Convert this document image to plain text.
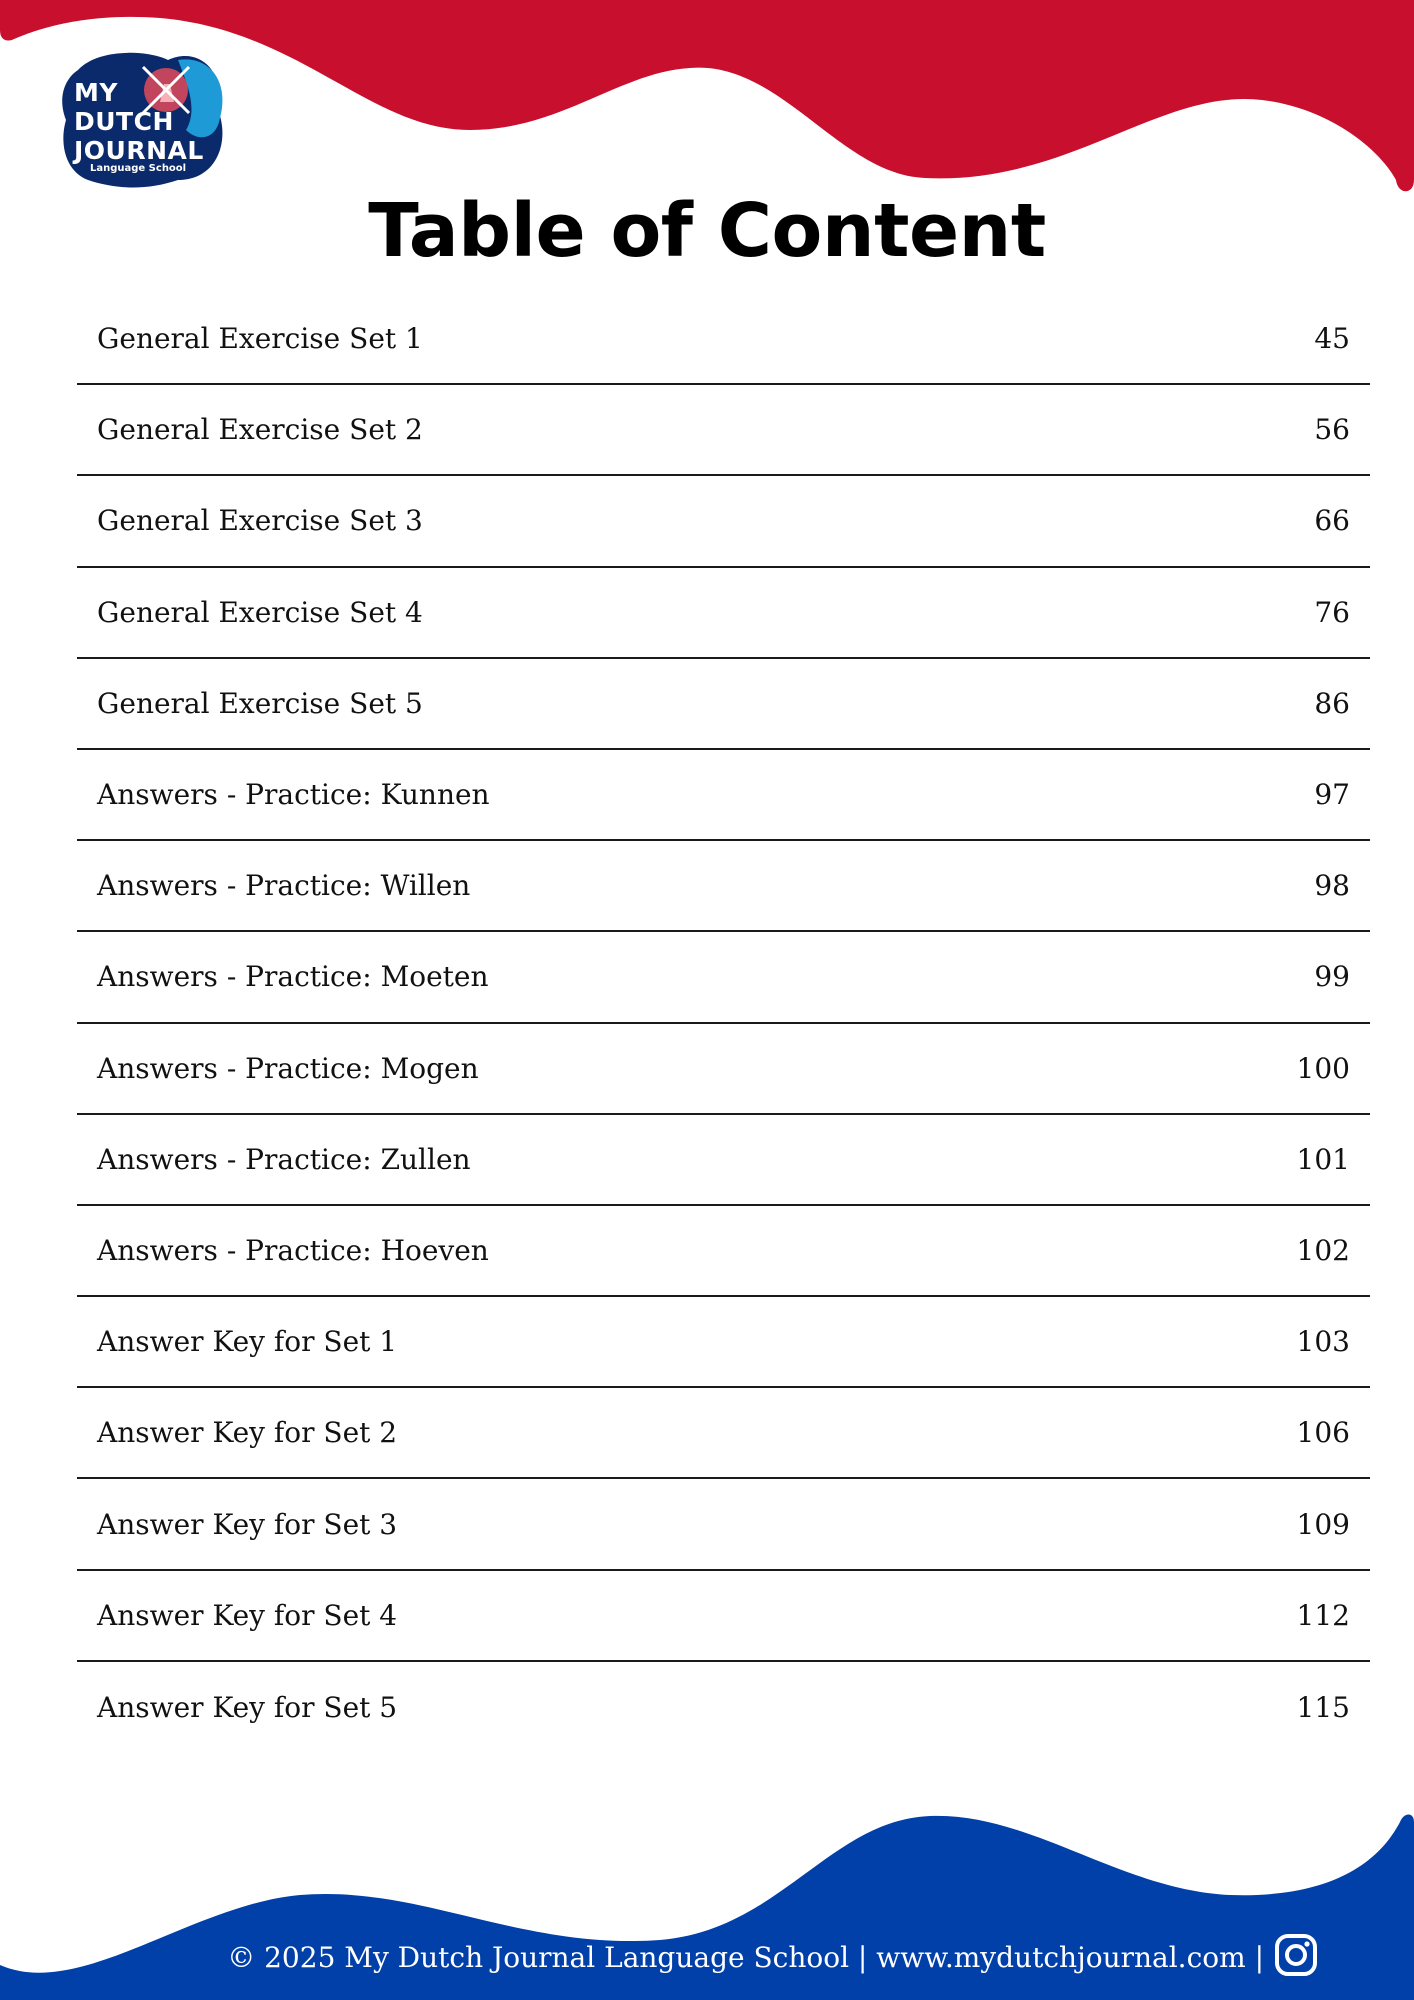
MY
DUTCH
JOURNAL
Language School
Table of Content
General Exercise Set 1	45
General Exercise Set 2	56
General Exercise Set 3	66
General Exercise Set 4	76
General Exercise Set 5	86
Answers - Practice: Kunnen	97
Answers - Practice: Willen	98
Answers - Practice: Moeten	99
Answers - Practice: Mogen	100
Answers - Practice: Zullen	101
Answers - Practice: Hoeven	102
Answer Key for Set 1	103
Answer Key for Set 2	106
Answer Key for Set 3	109
Answer Key for Set 4	112
Answer Key for Set 5	115
© 2025 My Dutch Journal Language School | www.mydutchjournal.com |
